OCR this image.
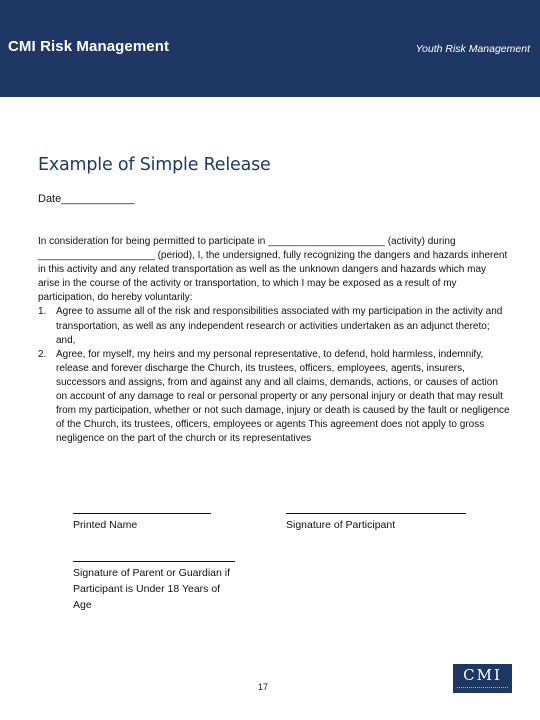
CMI Risk Management	Youth Risk Management
Example of Simple Release
Date____________

In consideration for being permitted to participate in _____________________ (activity) during _____________________ (period), I, the undersigned, fully recognizing the dangers and hazards inherent in this activity and any related transportation as well as the unknown dangers and hazards which may arise in the course of the activity or transportation, to which I may be exposed as a result of my participation, do hereby voluntarily:

1. Agree to assume all of the risk and responsibilities associated with my participation in the activity and transportation, as well as any independent research or activities undertaken as an adjunct thereto; and,
2. Agree, for myself, my heirs and my personal representative, to defend, hold harmless, indemnify, release and forever discharge the Church, its trustees, officers, employees, agents, insurers, successors and assigns, from and against any and all claims, demands, actions, or causes of action on account of any damage to real or personal property or any personal injury or death that may result from my participation, whether or not such damage, injury or death is caused by the fault or negligence of the Church, its trustees, officers, employees or agents This agreement does not apply to gross negligence on the part of the church or its representatives
Printed Name	Signature of Participant
Signature of Parent or Guardian if
Participant is Under 18 Years of Age
17
CMI
